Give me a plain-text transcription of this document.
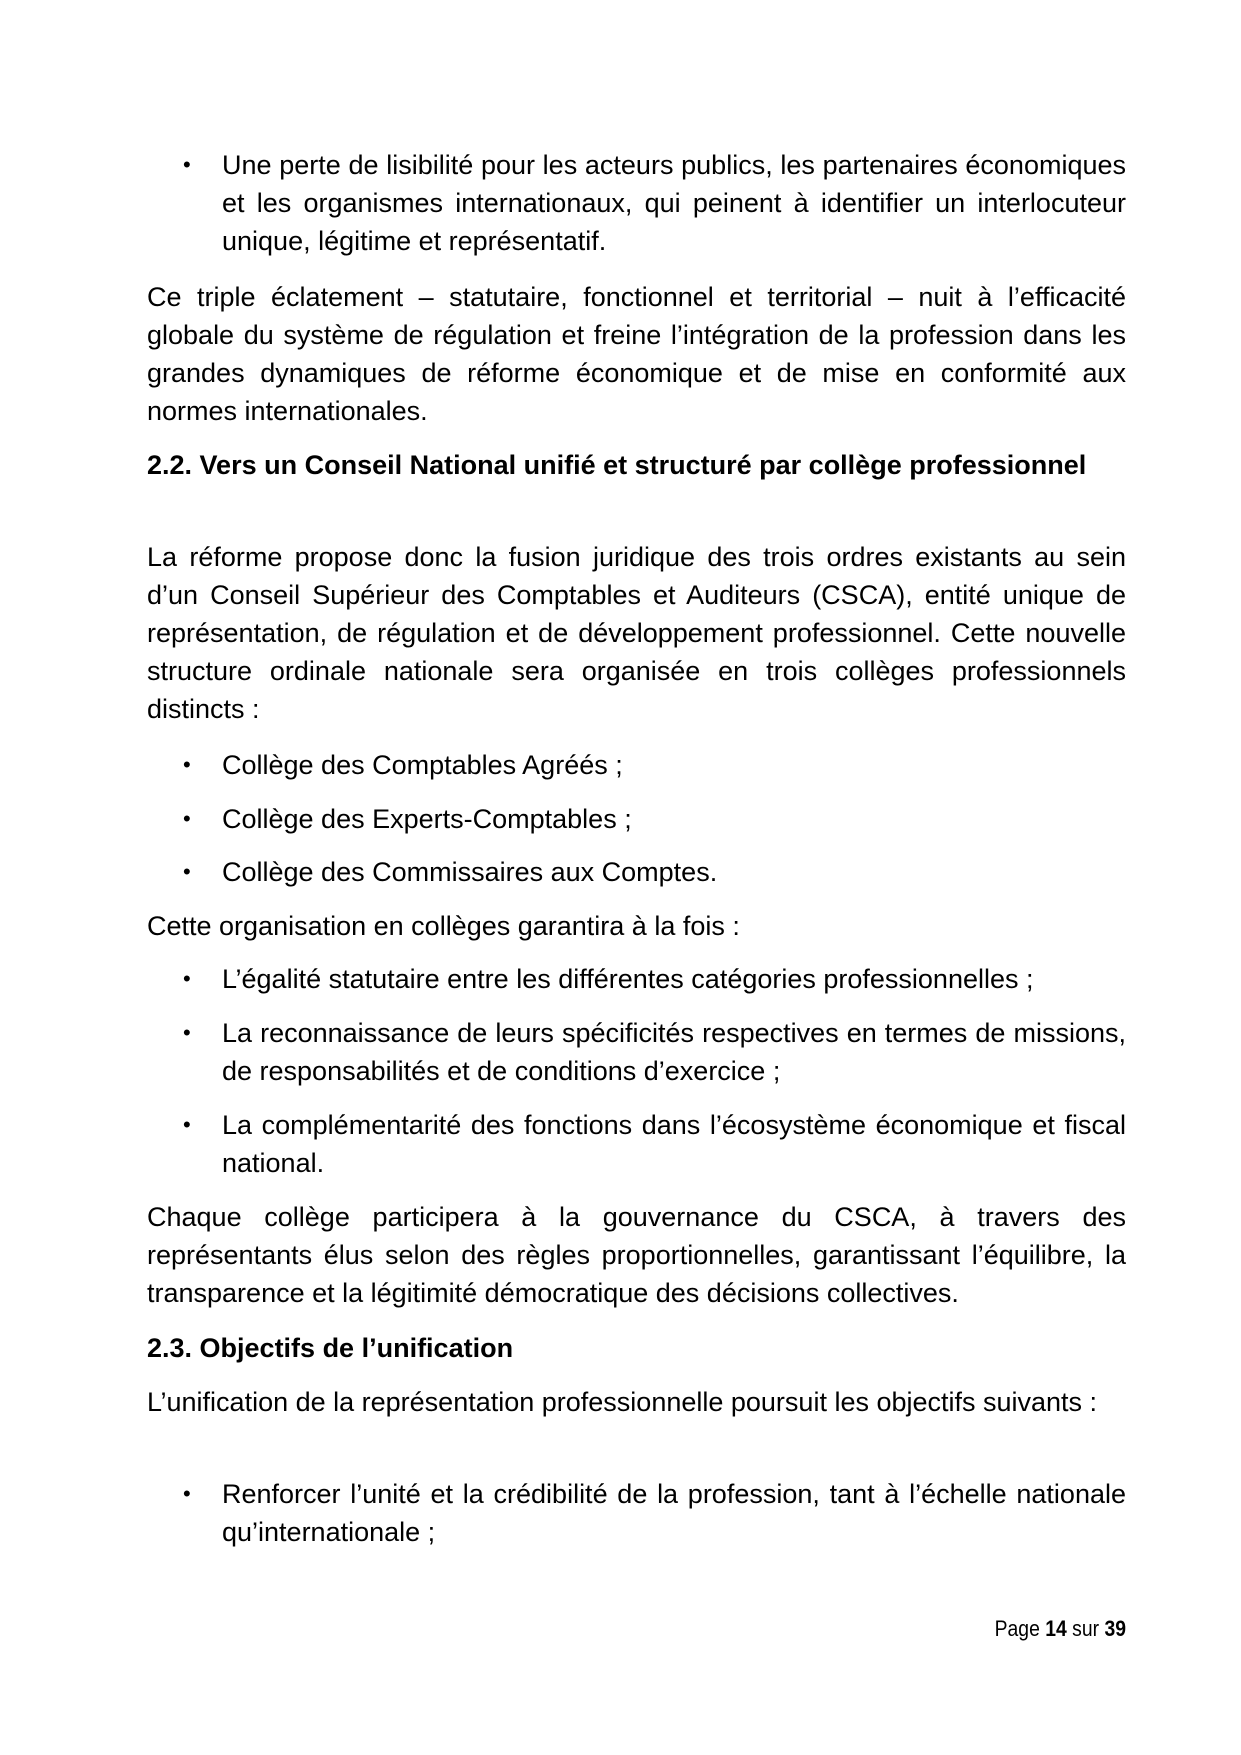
• Une perte de lisibilité pour les acteurs publics, les partenaires économiques et les organismes internationaux, qui peinent à identifier un interlocuteur unique, légitime et représentatif.

Ce triple éclatement – statutaire, fonctionnel et territorial – nuit à l’efficacité globale du système de régulation et freine l’intégration de la profession dans les grandes dynamiques de réforme économique et de mise en conformité aux normes internationales.

2.2. Vers un Conseil National unifié et structuré par collège professionnel

La réforme propose donc la fusion juridique des trois ordres existants au sein d’un Conseil Supérieur des Comptables et Auditeurs (CSCA), entité unique de représentation, de régulation et de développement professionnel. Cette nouvelle structure ordinale nationale sera organisée en trois collèges professionnels distincts :

• Collège des Comptables Agréés ;
• Collège des Experts-Comptables ;
• Collège des Commissaires aux Comptes.

Cette organisation en collèges garantira à la fois :

• L’égalité statutaire entre les différentes catégories professionnelles ;
• La reconnaissance de leurs spécificités respectives en termes de missions, de responsabilités et de conditions d’exercice ;
• La complémentarité des fonctions dans l’écosystème économique et fiscal national.

Chaque collège participera à la gouvernance du CSCA, à travers des représentants élus selon des règles proportionnelles, garantissant l’équilibre, la transparence et la légitimité démocratique des décisions collectives.

2.3. Objectifs de l’unification

L’unification de la représentation professionnelle poursuit les objectifs suivants :

• Renforcer l’unité et la crédibilité de la profession, tant à l’échelle nationale qu’internationale ;
Page 14 sur 39
